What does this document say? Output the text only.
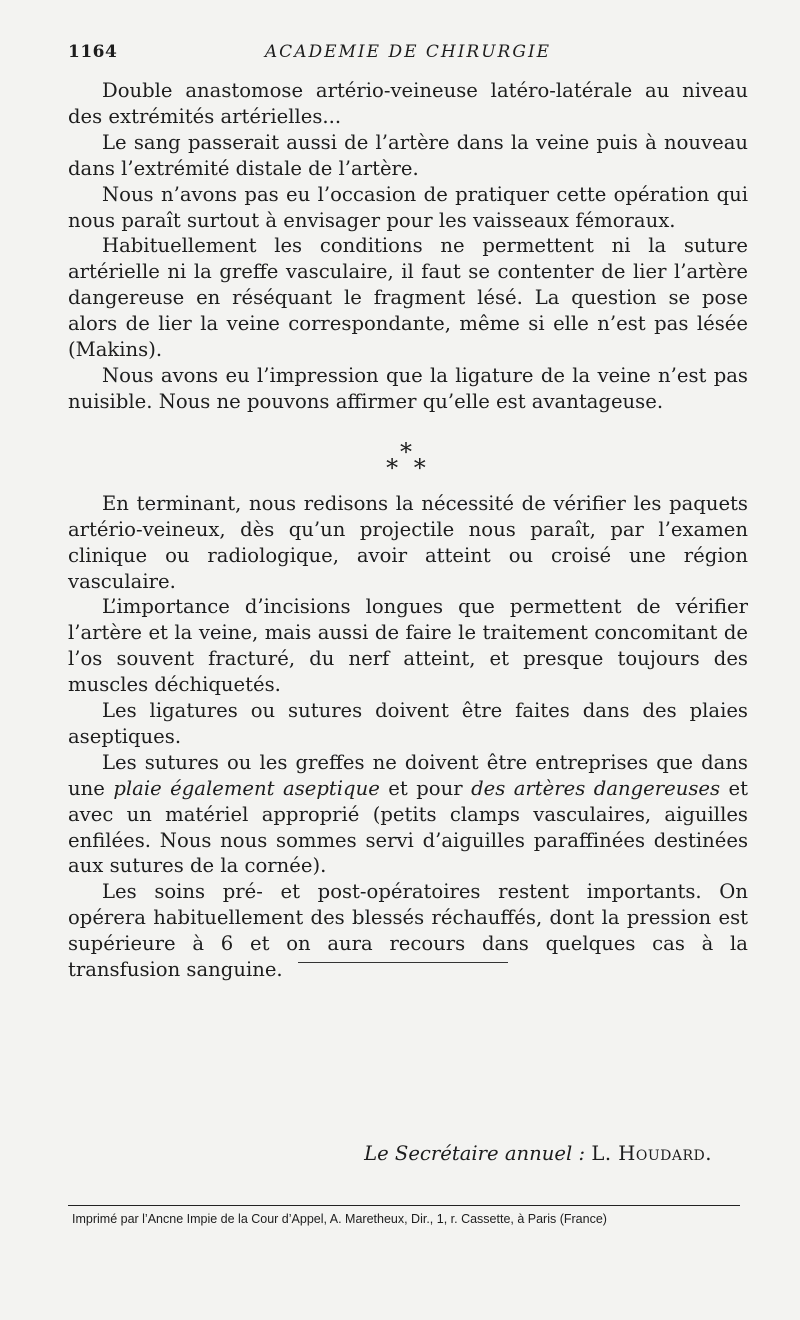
1164	ACADEMIE DE CHIRURGIE

Double anastomose artério-veineuse latéro-latérale au niveau des extrémités artérielles...

Le sang passerait aussi de l’artère dans la veine puis à nouveau dans l’extrémité distale de l’artère.

Nous n’avons pas eu l’occasion de pratiquer cette opération qui nous paraît surtout à envisager pour les vaisseaux fémoraux.

Habituellement les conditions ne permettent ni la suture artérielle ni la greffe vasculaire, il faut se contenter de lier l’artère dangereuse en réséquant le fragment lésé. La question se pose alors de lier la veine correspondante, même si elle n’est pas lésée (Makins).

Nous avons eu l’impression que la ligature de la veine n’est pas nuisible. Nous ne pouvons affirmer qu’elle est avantageuse.

*
* *

En terminant, nous redisons la nécessité de vérifier les paquets artério-veineux, dès qu’un projectile nous paraît, par l’examen clinique ou radiologique, avoir atteint ou croisé une région vasculaire.

L’importance d’incisions longues que permettent de vérifier l’artère et la veine, mais aussi de faire le traitement concomitant de l’os souvent fracturé, du nerf atteint, et presque toujours des muscles déchiquetés.

Les ligatures ou sutures doivent être faites dans des plaies aseptiques.

Les sutures ou les greffes ne doivent être entreprises que dans une plaie également aseptique et pour des artères dangereuses et avec un matériel approprié (petits clamps vasculaires, aiguilles enfilées. Nous nous sommes servi d’aiguilles paraffinées destinées aux sutures de la cornée).

Les soins pré- et post-opératoires restent importants. On opérera habituellement des blessés réchauffés, dont la pression est supérieure à 6 et on aura recours dans quelques cas à la transfusion sanguine.

Le Secrétaire annuel : L. Houdard.
Imprimé par l’Ancne Impie de la Cour d’Appel, A. Maretheux, Dir., 1, r. Cassette, à Paris (France)
